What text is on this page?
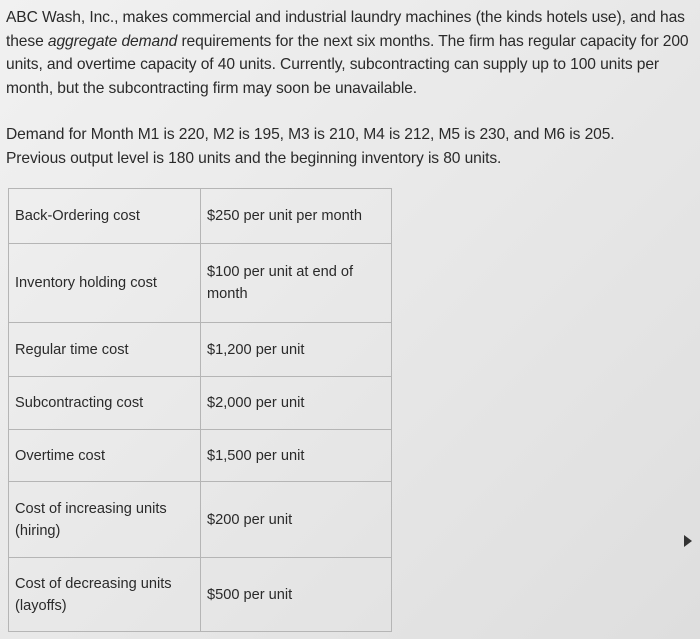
ABC Wash, Inc., makes commercial and industrial laundry machines (the kinds hotels use), and has
these aggregate demand requirements for the next six months. The firm has regular capacity for 200
units, and overtime capacity of 40 units. Currently, subcontracting can supply up to 100 units per
month, but the subcontracting firm may soon be unavailable.
Demand for Month M1 is 220, M2 is 195, M3 is 210, M4 is 212, M5 is 230, and M6 is 205.
Previous output level is 180 units and the beginning inventory is 80 units.
Back-Ordering cost	$250 per unit per month
Inventory holding cost	$100 per unit at end of month
Regular time cost	$1,200 per unit
Subcontracting cost	$2,000 per unit
Overtime cost	$1,500 per unit
Cost of increasing units (hiring)	$200 per unit
Cost of decreasing units (layoffs)	$500 per unit
